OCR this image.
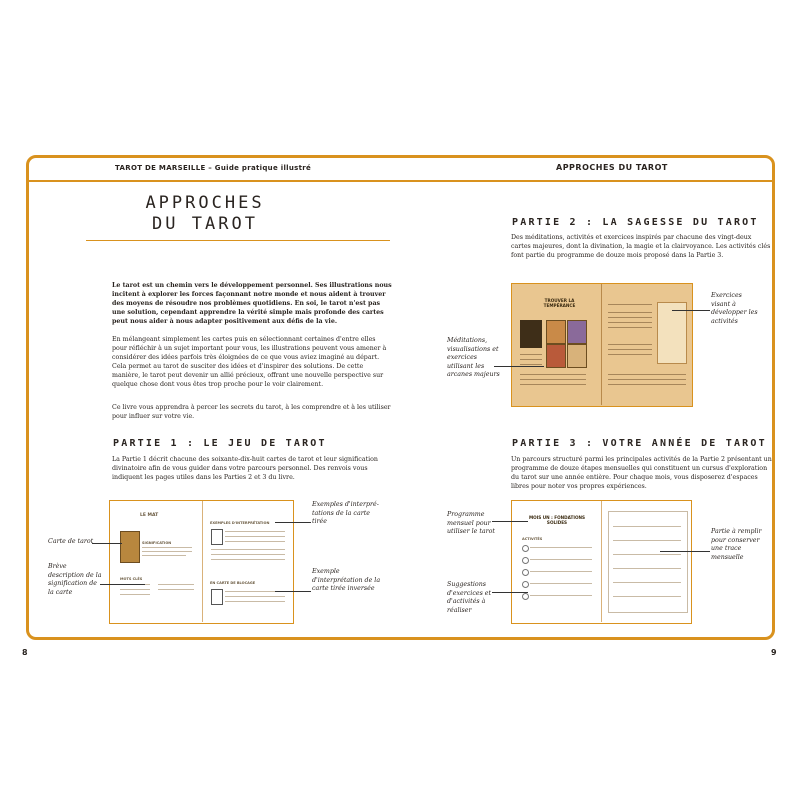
TAROT DE MARSEILLE – Guide pratique illustré	APPROCHES DU TAROT
8	9
APPROCHES
DU TAROT
Le tarot est un chemin vers le développement personnel. Ses illustrations nous incitent à explorer les forces façonnant notre monde et nous aident à trouver des moyens de résoudre nos problèmes quotidiens. En soi, le tarot n'est pas une solution, cependant apprendre la vérité simple mais profonde des cartes peut nous aider à nous adapter positivement aux défis de la vie.
En mélangeant simplement les cartes puis en sélectionnant certaines d'entre elles pour réfléchir à un sujet important pour vous, les illustrations peuvent vous amener à considérer des idées parfois très éloignées de ce que vous aviez imaginé au départ. Cela permet au tarot de susciter des idées et d'inspirer des solutions. De cette manière, le tarot peut devenir un allié précieux, offrant une nouvelle perspective sur quelque chose dont vous êtes trop proche pour le voir clairement.
Ce livre vous apprendra à percer les secrets du tarot, à les comprendre et à les utiliser pour influer sur votre vie.
PARTIE 1 : LE JEU DE TAROT
La Partie 1 décrit chacune des soixante-dix-huit cartes de tarot et leur signification divinatoire afin de vous guider dans votre parcours personnel. Des renvois vous indiquent les pages utiles dans les Parties 2 et 3 du livre.
LE MAT
SIGNIFICATION
MOTS CLÉS
EXEMPLES D'INTERPRÉTATION
EN CARTE DE BLOCAGE
Carte de tarot
Brève description de la signification de la carte
Exemples d'interpré-tations de la carte tirée
Exemple d'interprétation de la carte tirée inversée
PARTIE 2 : LA SAGESSE DU TAROT
Des méditations, activités et exercices inspirés par chacune des vingt-deux cartes majeures, dont la divination, la magie et la clairvoyance. Les activités clés font partie du programme de douze mois proposé dans la Partie 3.
TROUVER LA TEMPÉRANCE
Exercices visant à développer les activités
Méditations, visualisations et exercices utilisant les arcanes majeurs
PARTIE 3 : VOTRE ANNÉE DE TAROT
Un parcours structuré parmi les principales activités de la Partie 2 présentant un programme de douze étapes mensuelles qui constituent un cursus d'exploration du tarot sur une année entière. Pour chaque mois, vous disposerez d'espaces libres pour noter vos propres expériences.
MOIS UN : FONDATIONS SOLIDES
ACTIVITÉS
Programme mensuel pour utiliser le tarot
Suggestions d'exercices et d'activités à réaliser
Partie à remplir pour conserver une trace mensuelle
